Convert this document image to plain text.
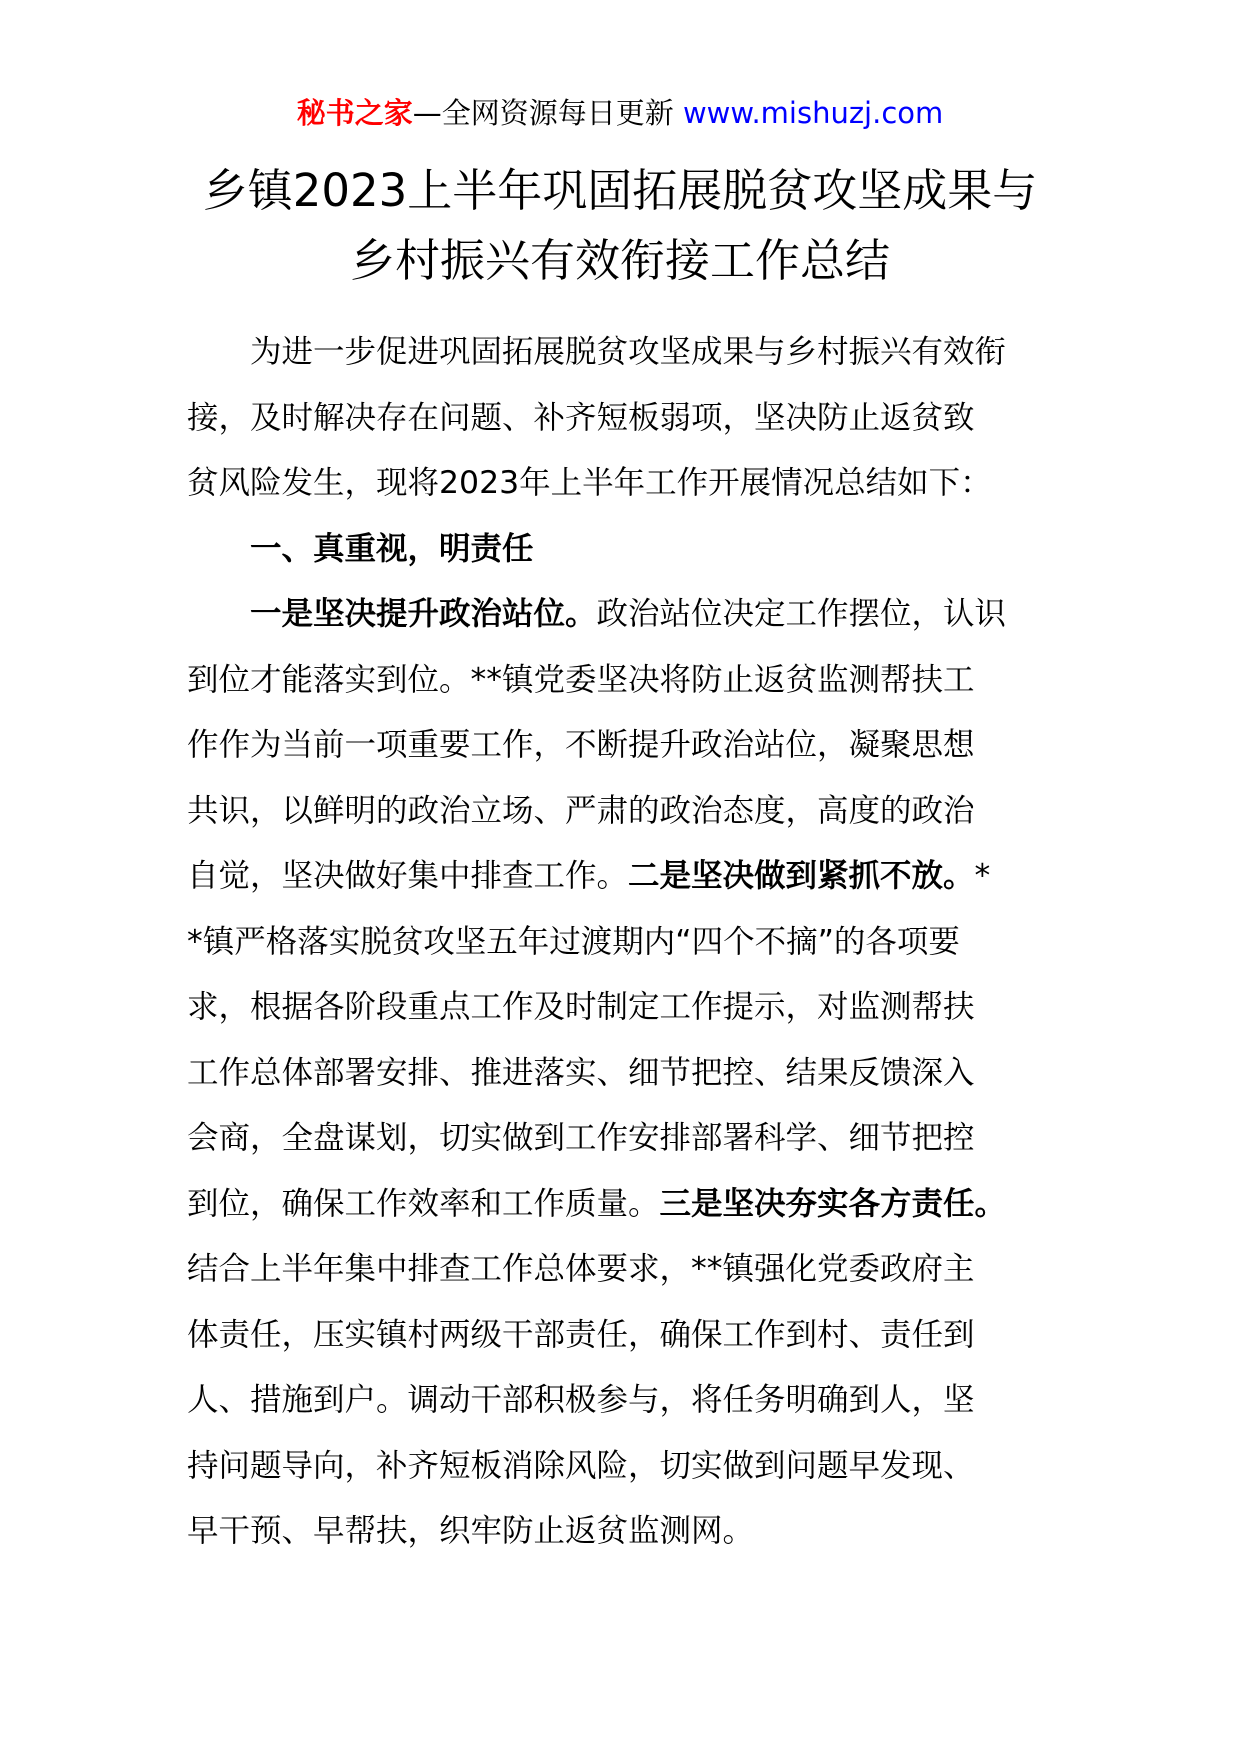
秘书之家—全网资源每日更新 www.mishuzj.com
乡镇2023上半年巩固拓展脱贫攻坚成果与
乡村振兴有效衔接工作总结

为进一步促进巩固拓展脱贫攻坚成果与乡村振兴有效衔
接，及时解决存在问题、补齐短板弱项，坚决防止返贫致
贫风险发生，现将2023年上半年工作开展情况总结如下：

一、真重视，明责任

一是坚决提升政治站位。政治站位决定工作摆位，认识
到位才能落实到位。**镇党委坚决将防止返贫监测帮扶工
作作为当前一项重要工作，不断提升政治站位，凝聚思想
共识，以鲜明的政治立场、严肃的政治态度，高度的政治
自觉，坚决做好集中排查工作。二是坚决做到紧抓不放。*
*镇严格落实脱贫攻坚五年过渡期内“四个不摘”的各项要
求，根据各阶段重点工作及时制定工作提示，对监测帮扶
工作总体部署安排、推进落实、细节把控、结果反馈深入
会商，全盘谋划，切实做到工作安排部署科学、细节把控
到位，确保工作效率和工作质量。三是坚决夯实各方责任。
结合上半年集中排查工作总体要求，**镇强化党委政府主
体责任，压实镇村两级干部责任，确保工作到村、责任到
人、措施到户。调动干部积极参与，将任务明确到人，坚
持问题导向，补齐短板消除风险，切实做到问题早发现、
早干预、早帮扶，织牢防止返贫监测网。
